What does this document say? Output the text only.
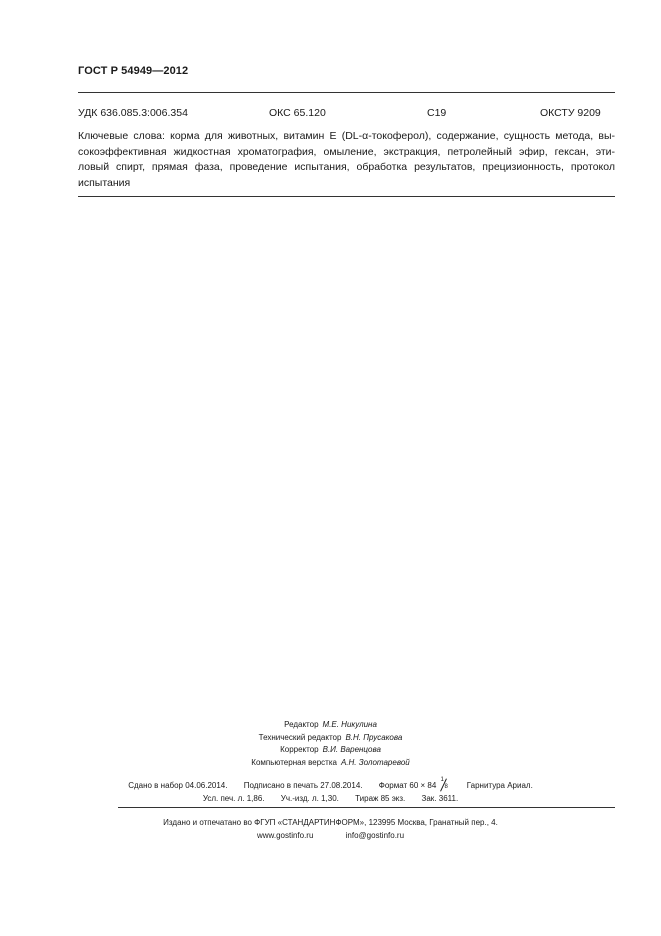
ГОСТ Р 54949—2012
УДК 636.085.3:006.354	ОКС 65.120	С19	ОКСТУ 9209
Ключевые слова: корма для животных, витамин Е (DL-α-токоферол), содержание, сущность метода, вы-
сокоэффективная жидкостная хроматография, омыление, экстракция, петролейный эфир, гексан, эти-
ловый спирт, прямая фаза, проведение испытания, обработка результатов, прецизионность, протокол
испытания
Редактор М.Е. Никулина
Технический редактор В.Н. Прусакова
Корректор В.И. Варенцова
Компьютерная верстка А.Н. Золотаревой
Сдано в набор 04.06.2014. Подписано в печать 27.08.2014. Формат 60 × 84
1
8 Гарнитура Ариал.
Усл. печ. л. 1,86. Уч.-изд. л. 1,30. Тираж 85 экз. Зак. 3611.
Издано и отпечатано во ФГУП «СТАНДАРТИНФОРМ», 123995 Москва, Гранатный пер., 4.
www.gostinfo.ru	info@gostinfo.ru
